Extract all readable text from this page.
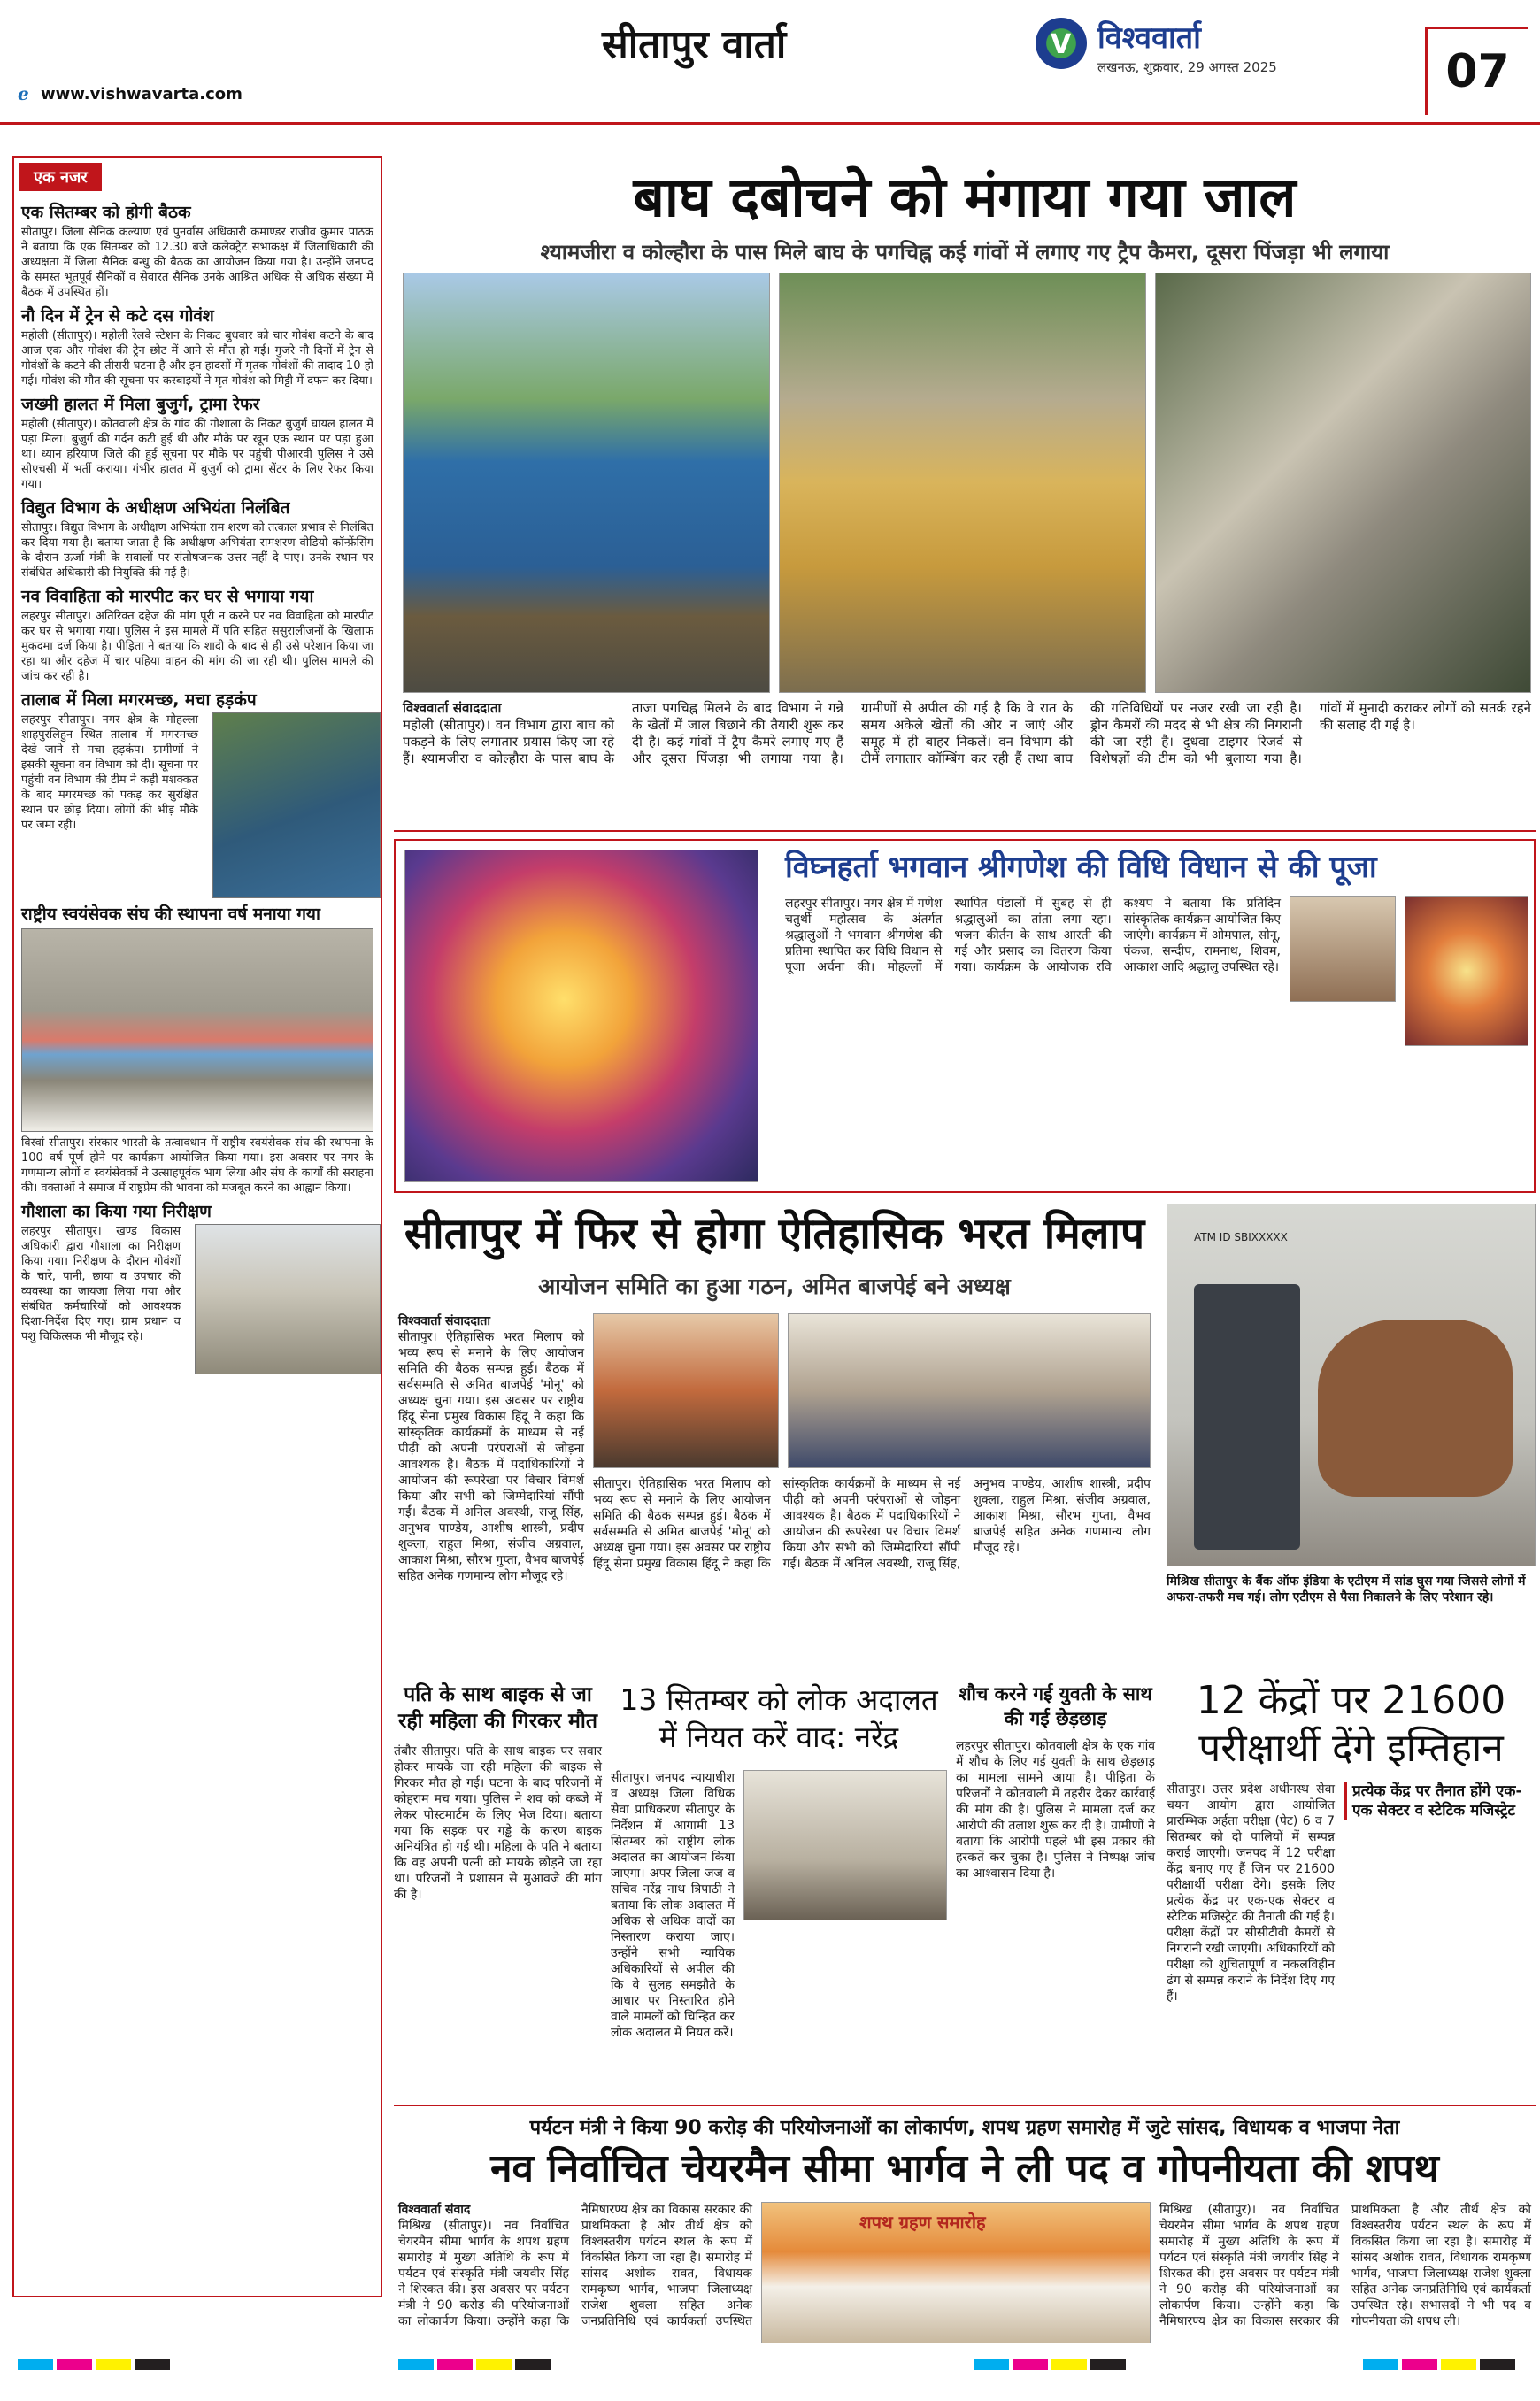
सीतापुर वार्ता	V विश्ववार्ता
लखनऊ, शुक्रवार, 29 अगस्त 2025	07
ℯ www.vishwavarta.com
एक नजर
एक सितम्बर को होगी बैठक
सीतापुर। जिला सैनिक कल्याण एवं पुनर्वास अधिकारी कमाण्डर राजीव कुमार पाठक ने बताया कि एक सितम्बर को 12.30 बजे कलेक्ट्रेट सभाकक्ष में जिलाधिकारी की अध्यक्षता में जिला सैनिक बन्धु की बैठक का आयोजन किया गया है। उन्होंने जनपद के समस्त भूतपूर्व सैनिकों व सेवारत सैनिक उनके आश्रित अधिक से अधिक संख्या में बैठक में उपस्थित हों।
नौ दिन में ट्रेन से कटे दस गोवंश
महोली (सीतापुर)। महोली रेलवे स्टेशन के निकट बुधवार को चार गोवंश कटने के बाद आज एक और गोवंश की ट्रेन छोट में आने से मौत हो गई। गुजरे नौ दिनों में ट्रेन से गोवंशों के कटने की तीसरी घटना है और इन हादसों में मृतक गोवंशों की तादाद 10 हो गई। गोवंश की मौत की सूचना पर कस्बाइयों ने मृत गोवंश को मिट्टी में दफन कर दिया।
जख्मी हालत में मिला बुजुर्ग, ट्रामा रेफर
महोली (सीतापुर)। कोतवाली क्षेत्र के गांव की गौशाला के निकट बुजुर्ग घायल हालत में पड़ा मिला। बुजुर्ग की गर्दन कटी हुई थी और मौके पर खून एक स्थान पर पड़ा हुआ था। ध्यान हरियाण जिले की हुई सूचना पर मौके पर पहुंची पीआरवी पुलिस ने उसे सीएचसी में भर्ती कराया। गंभीर हालत में बुजुर्ग को ट्रामा सेंटर के लिए रेफर किया गया।
विद्युत विभाग के अधीक्षण अभियंता निलंबित
सीतापुर। विद्युत विभाग के अधीक्षण अभियंता राम शरण को तत्काल प्रभाव से निलंबित कर दिया गया है। बताया जाता है कि अधीक्षण अभियंता रामशरण वीडियो कॉन्फ्रेंसिंग के दौरान ऊर्जा मंत्री के सवालों पर संतोषजनक उत्तर नहीं दे पाए। उनके स्थान पर संबंधित अधिकारी की नियुक्ति की गई है।
नव विवाहिता को मारपीट कर घर से भगाया गया
लहरपुर सीतापुर। अतिरिक्त दहेज की मांग पूरी न करने पर नव विवाहिता को मारपीट कर घर से भगाया गया। पुलिस ने इस मामले में पति सहित ससुरालीजनों के खिलाफ मुकदमा दर्ज किया है। पीड़िता ने बताया कि शादी के बाद से ही उसे परेशान किया जा रहा था और दहेज में चार पहिया वाहन की मांग की जा रही थी। पुलिस मामले की जांच कर रही है।
तालाब में मिला मगरमच्छ, मचा हड़कंप
लहरपुर सीतापुर। नगर क्षेत्र के मोहल्ला शाहपुरलिहुन स्थित तालाब में मगरमच्छ देखे जाने से मचा हड़कंप। ग्रामीणों ने इसकी सूचना वन विभाग को दी। सूचना पर पहुंची वन विभाग की टीम ने कड़ी मशक्कत के बाद मगरमच्छ को पकड़ कर सुरक्षित स्थान पर छोड़ दिया। लोगों की भीड़ मौके पर जमा रही।
राष्ट्रीय स्वयंसेवक संघ की स्थापना वर्ष मनाया गया
विस्वां सीतापुर। संस्कार भारती के तत्वावधान में राष्ट्रीय स्वयंसेवक संघ की स्थापना के 100 वर्ष पूर्ण होने पर कार्यक्रम आयोजित किया गया। इस अवसर पर नगर के गणमान्य लोगों व स्वयंसेवकों ने उत्साहपूर्वक भाग लिया और संघ के कार्यों की सराहना की। वक्ताओं ने समाज में राष्ट्रप्रेम की भावना को मजबूत करने का आह्वान किया।
गौशाला का किया गया निरीक्षण
लहरपुर सीतापुर। खण्ड विकास अधिकारी द्वारा गौशाला का निरीक्षण किया गया। निरीक्षण के दौरान गोवंशों के चारे, पानी, छाया व उपचार की व्यवस्था का जायजा लिया गया और संबंधित कर्मचारियों को आवश्यक दिशा-निर्देश दिए गए। ग्राम प्रधान व पशु चिकित्सक भी मौजूद रहे।
बाघ दबोचने को मंगाया गया जाल
श्यामजीरा व कोल्हौरा के पास मिले बाघ के पगचिह्न कई गांवों में लगाए गए ट्रैप कैमरा, दूसरा पिंजड़ा भी लगाया
विश्ववार्ता संवाददाता
महोली (सीतापुर)। वन विभाग द्वारा बाघ को पकड़ने के लिए लगातार प्रयास किए जा रहे हैं। श्यामजीरा व कोल्हौरा के पास बाघ के ताजा पगचिह्न मिलने के बाद विभाग ने गन्ने के खेतों में जाल बिछाने की तैयारी शुरू कर दी है। कई गांवों में ट्रैप कैमरे लगाए गए हैं और दूसरा पिंजड़ा भी लगाया गया है। ग्रामीणों से अपील की गई है कि वे रात के समय अकेले खेतों की ओर न जाएं और समूह में ही बाहर निकलें। वन विभाग की टीमें लगातार कॉम्बिंग कर रही हैं तथा बाघ की गतिविधियों पर नजर रखी जा रही है। ड्रोन कैमरों की मदद से भी क्षेत्र की निगरानी की जा रही है। दुधवा टाइगर रिजर्व से विशेषज्ञों की टीम को भी बुलाया गया है। गांवों में मुनादी कराकर लोगों को सतर्क रहने की सलाह दी गई है।
विघ्नहर्ता भगवान श्रीगणेश की विधि विधान से की पूजा
लहरपुर सीतापुर। नगर क्षेत्र में गणेश चतुर्थी महोत्सव के अंतर्गत श्रद्धालुओं ने भगवान श्रीगणेश की प्रतिमा स्थापित कर विधि विधान से पूजा अर्चना की। मोहल्लों में स्थापित पंडालों में सुबह से ही श्रद्धालुओं का तांता लगा रहा। भजन कीर्तन के साथ आरती की गई और प्रसाद का वितरण किया गया। कार्यक्रम के आयोजक रवि कश्यप ने बताया कि प्रतिदिन सांस्कृतिक कार्यक्रम आयोजित किए जाएंगे। कार्यक्रम में ओमपाल, सोनू, पंकज, सन्दीप, रामनाथ, शिवम, आकाश आदि श्रद्धालु उपस्थित रहे।
सीतापुर में फिर से होगा ऐतिहासिक भरत मिलाप
आयोजन समिति का हुआ गठन, अमित बाजपेई बने अध्यक्ष
विश्ववार्ता संवाददाता
सीतापुर। ऐतिहासिक भरत मिलाप को भव्य रूप से मनाने के लिए आयोजन समिति की बैठक सम्पन्न हुई। बैठक में सर्वसम्मति से अमित बाजपेई 'मोनू' को अध्यक्ष चुना गया। इस अवसर पर राष्ट्रीय हिंदू सेना प्रमुख विकास हिंदू ने कहा कि सांस्कृतिक कार्यक्रमों के माध्यम से नई पीढ़ी को अपनी परंपराओं से जोड़ना आवश्यक है। बैठक में पदाधिकारियों ने आयोजन की रूपरेखा पर विचार विमर्श किया और सभी को जिम्मेदारियां सौंपी गईं। बैठक में अनिल अवस्थी, राजू सिंह, अनुभव पाण्डेय, आशीष शास्त्री, प्रदीप शुक्ला, राहुल मिश्रा, संजीव अग्रवाल, आकाश मिश्रा, सौरभ गुप्ता, वैभव बाजपेई सहित अनेक गणमान्य लोग मौजूद रहे।
सीतापुर। ऐतिहासिक भरत मिलाप को भव्य रूप से मनाने के लिए आयोजन समिति की बैठक सम्पन्न हुई। बैठक में सर्वसम्मति से अमित बाजपेई 'मोनू' को अध्यक्ष चुना गया। इस अवसर पर राष्ट्रीय हिंदू सेना प्रमुख विकास हिंदू ने कहा कि सांस्कृतिक कार्यक्रमों के माध्यम से नई पीढ़ी को अपनी परंपराओं से जोड़ना आवश्यक है। बैठक में पदाधिकारियों ने आयोजन की रूपरेखा पर विचार विमर्श किया और सभी को जिम्मेदारियां सौंपी गईं। बैठक में अनिल अवस्थी, राजू सिंह, अनुभव पाण्डेय, आशीष शास्त्री, प्रदीप शुक्ला, राहुल मिश्रा, संजीव अग्रवाल, आकाश मिश्रा, सौरभ गुप्ता, वैभव बाजपेई सहित अनेक गणमान्य लोग मौजूद रहे।
ATM ID SBIXXXXX
मिश्रिख सीतापुर के बैंक ऑफ इंडिया के एटीएम में सांड घुस गया जिससे लोगों में अफरा-तफरी मच गई। लोग एटीएम से पैसा निकालने के लिए परेशान रहे।
पति के साथ बाइक से जा रही महिला की गिरकर मौत
तंबौर सीतापुर। पति के साथ बाइक पर सवार होकर मायके जा रही महिला की बाइक से गिरकर मौत हो गई। घटना के बाद परिजनों में कोहराम मच गया। पुलिस ने शव को कब्जे में लेकर पोस्टमार्टम के लिए भेज दिया। बताया गया कि सड़क पर गड्ढे के कारण बाइक अनियंत्रित हो गई थी। महिला के पति ने बताया कि वह अपनी पत्नी को मायके छोड़ने जा रहा था। परिजनों ने प्रशासन से मुआवजे की मांग की है।
13 सितम्बर को लोक अदालत में नियत करें वाद: नरेंद्र
सीतापुर। जनपद न्यायाधीश व अध्यक्ष जिला विधिक सेवा प्राधिकरण सीतापुर के निर्देशन में आगामी 13 सितम्बर को राष्ट्रीय लोक अदालत का आयोजन किया जाएगा। अपर जिला जज व सचिव नरेंद्र नाथ त्रिपाठी ने बताया कि लोक अदालत में अधिक से अधिक वादों का निस्तारण कराया जाए। उन्होंने सभी न्यायिक अधिकारियों से अपील की कि वे सुलह समझौते के आधार पर निस्तारित होने वाले मामलों को चिन्हित कर लोक अदालत में नियत करें।
शौच करने गई युवती के साथ की गई छेड़छाड़
लहरपुर सीतापुर। कोतवाली क्षेत्र के एक गांव में शौच के लिए गई युवती के साथ छेड़छाड़ का मामला सामने आया है। पीड़िता के परिजनों ने कोतवाली में तहरीर देकर कार्रवाई की मांग की है। पुलिस ने मामला दर्ज कर आरोपी की तलाश शुरू कर दी है। ग्रामीणों ने बताया कि आरोपी पहले भी इस प्रकार की हरकतें कर चुका है। पुलिस ने निष्पक्ष जांच का आश्वासन दिया है।
12 केंद्रों पर 21600 परीक्षार्थी देंगे इम्तिहान
प्रत्येक केंद्र पर तैनात होंगे एक-एक सेक्टर व स्टेटिक मजिस्ट्रेट
सीतापुर। उत्तर प्रदेश अधीनस्थ सेवा चयन आयोग द्वारा आयोजित प्रारम्भिक अर्हता परीक्षा (पेट) 6 व 7 सितम्बर को दो पालियों में सम्पन्न कराई जाएगी। जनपद में 12 परीक्षा केंद्र बनाए गए हैं जिन पर 21600 परीक्षार्थी परीक्षा देंगे। इसके लिए प्रत्येक केंद्र पर एक-एक सेक्टर व स्टेटिक मजिस्ट्रेट की तैनाती की गई है। परीक्षा केंद्रों पर सीसीटीवी कैमरों से निगरानी रखी जाएगी। अधिकारियों को परीक्षा को शुचितापूर्ण व नकलविहीन ढंग से सम्पन्न कराने के निर्देश दिए गए हैं।
पर्यटन मंत्री ने किया 90 करोड़ की परियोजनाओं का लोकार्पण, शपथ ग्रहण समारोह में जुटे सांसद, विधायक व भाजपा नेता
नव निर्वाचित चेयरमैन सीमा भार्गव ने ली पद व गोपनीयता की शपथ
विश्ववार्ता संवाद
मिश्रिख (सीतापुर)। नव निर्वाचित चेयरमैन सीमा भार्गव के शपथ ग्रहण समारोह में मुख्य अतिथि के रूप में पर्यटन एवं संस्कृति मंत्री जयवीर सिंह ने शिरकत की। इस अवसर पर पर्यटन मंत्री ने 90 करोड़ की परियोजनाओं का लोकार्पण किया। उन्होंने कहा कि नैमिषारण्य क्षेत्र का विकास सरकार की प्राथमिकता है और तीर्थ क्षेत्र को विश्वस्तरीय पर्यटन स्थल के रूप में विकसित किया जा रहा है। समारोह में सांसद अशोक रावत, विधायक रामकृष्ण भार्गव, भाजपा जिलाध्यक्ष राजेश शुक्ला सहित अनेक जनप्रतिनिधि एवं कार्यकर्ता उपस्थित
शपथ ग्रहण समारोह
मिश्रिख (सीतापुर)। नव निर्वाचित चेयरमैन सीमा भार्गव के शपथ ग्रहण समारोह में मुख्य अतिथि के रूप में पर्यटन एवं संस्कृति मंत्री जयवीर सिंह ने शिरकत की। इस अवसर पर पर्यटन मंत्री ने 90 करोड़ की परियोजनाओं का लोकार्पण किया। उन्होंने कहा कि नैमिषारण्य क्षेत्र का विकास सरकार की प्राथमिकता है और तीर्थ क्षेत्र को विश्वस्तरीय पर्यटन स्थल के रूप में विकसित किया जा रहा है। समारोह में सांसद अशोक रावत, विधायक रामकृष्ण भार्गव, भाजपा जिलाध्यक्ष राजेश शुक्ला सहित अनेक जनप्रतिनिधि एवं कार्यकर्ता उपस्थित रहे। सभासदों ने भी पद व गोपनीयता की शपथ ली।
